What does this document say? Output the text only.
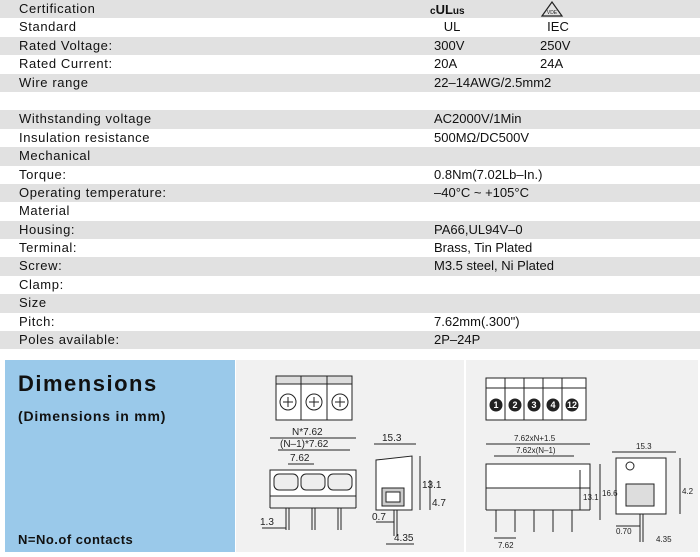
Certification	cULus	VDE
Standard	UL	IEC
Rated Voltage:	300V	250V
Rated Current:	20A	24A
Wire range	22–14AWG/2.5mm2
Withstanding voltage	AC2000V/1Min
Insulation resistance	500MΩ/DC500V
Mechanical
Torque:	0.8Nm(7.02Lb–In.)
Operating temperature:	–40°C ~ +105°C
Material
Housing:	PA66,UL94V–0
Terminal:	Brass, Tin Plated
Screw:	M3.5 steel, Ni Plated
Clamp:
Size
Pitch:	7.62mm(.300")
Poles available:	2P–24P
Dimensions
(Dimensions in mm)
N=No.of contacts
N*7.62
(N–1)*7.62
7.62
15.3
13.1
4.7
1.3	0.7
4.35
1 2 3 4 12
7.62xN+1.5
7.62x(N–1)
7.62
15.3
13.1 16.6	4.2
0.70
4.35
